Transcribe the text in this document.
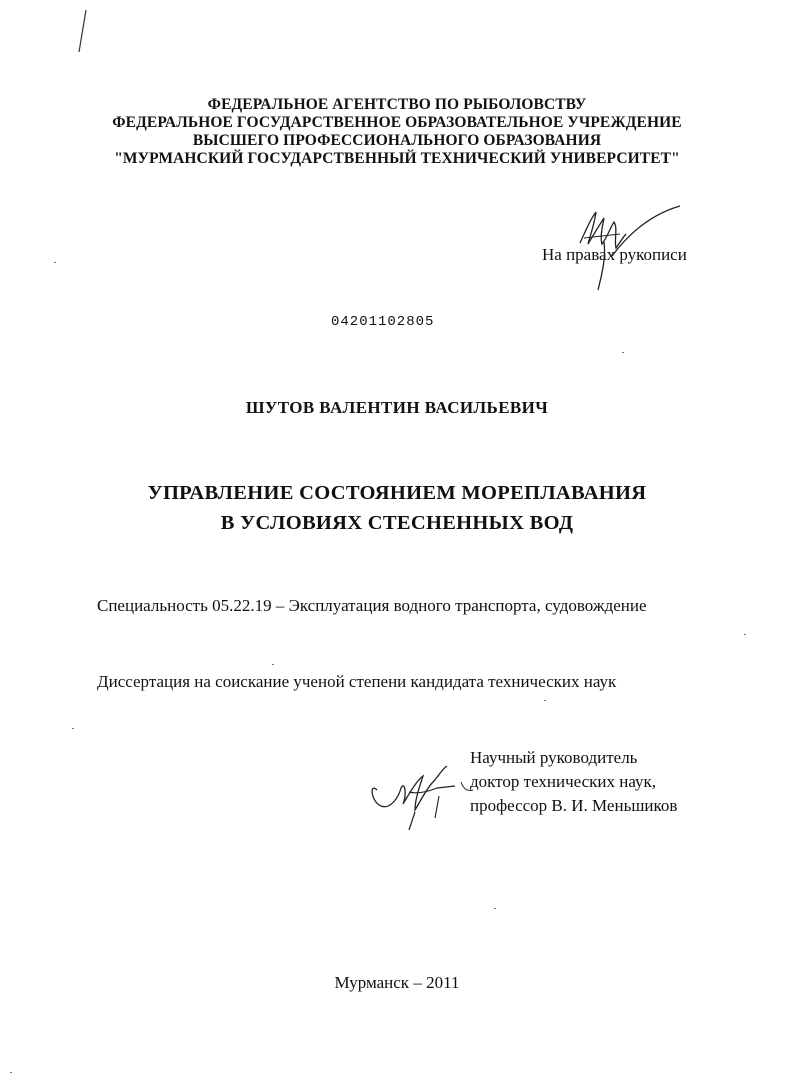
ФЕДЕРАЛЬНОЕ АГЕНТСТВО ПО РЫБОЛОВСТВУ
ФЕДЕРАЛЬНОЕ ГОСУДАРСТВЕННОЕ ОБРАЗОВАТЕЛЬНОЕ УЧРЕЖДЕНИЕ
ВЫСШЕГО ПРОФЕССИОНАЛЬНОГО ОБРАЗОВАНИЯ
"МУРМАНСКИЙ ГОСУДАРСТВЕННЫЙ ТЕХНИЧЕСКИЙ УНИВЕРСИТЕТ"
На правах рукописи
04201102805
ШУТОВ ВАЛЕНТИН ВАСИЛЬЕВИЧ
УПРАВЛЕНИЕ СОСТОЯНИЕМ МОРЕПЛАВАНИЯ
В УСЛОВИЯХ СТЕСНЕННЫХ ВОД
Специальность 05.22.19 – Эксплуатация водного транспорта, судовождение
Диссертация на соискание ученой степени кандидата технических наук
Научный руководитель
доктор технических наук,
профессор В. И. Меньшиков
Мурманск – 2011
